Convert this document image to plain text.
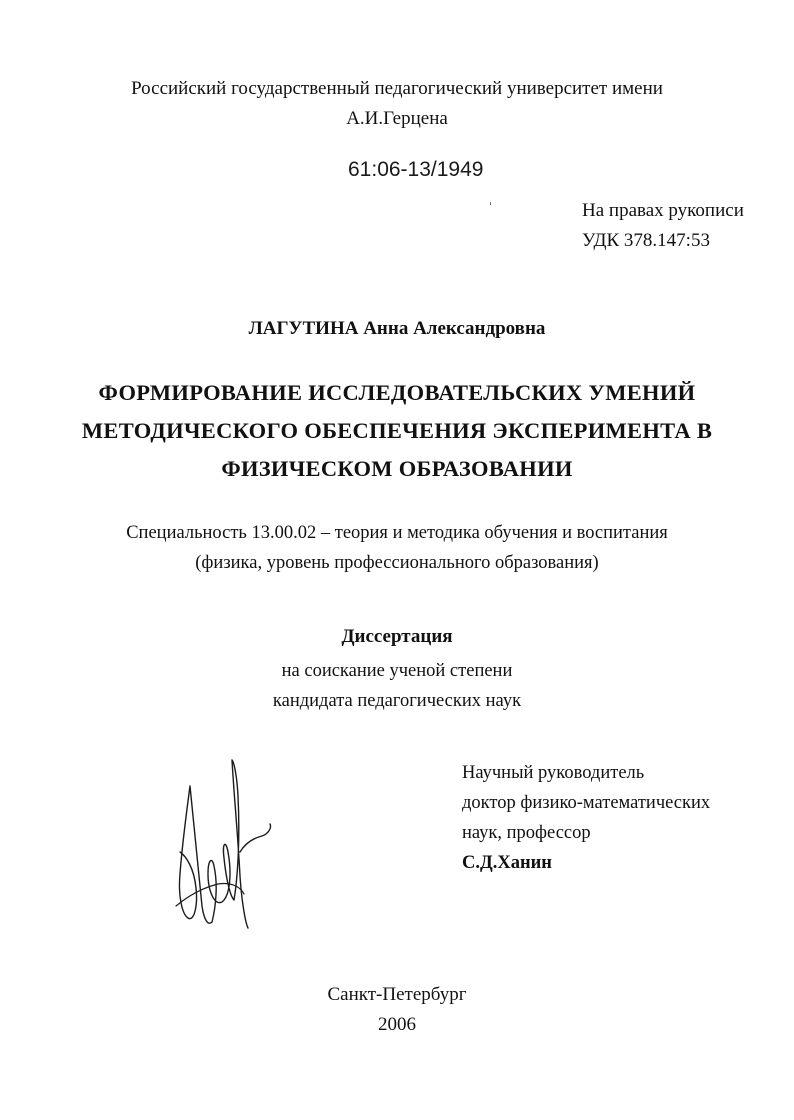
Российский государственный педагогический университет имени
А.И.Герцена
61:06-13/1949
На правах рукописи
УДК 378.147:53
ЛАГУТИНА Анна Александровна
ФОРМИРОВАНИЕ ИССЛЕДОВАТЕЛЬСКИХ УМЕНИЙ
МЕТОДИЧЕСКОГО ОБЕСПЕЧЕНИЯ ЭКСПЕРИМЕНТА В
ФИЗИЧЕСКОМ ОБРАЗОВАНИИ
Специальность 13.00.02 – теория и методика обучения и воспитания
(физика, уровень профессионального образования)
Диссертация
на соискание ученой степени
кандидата педагогических наук
Научный руководитель
доктор физико-математических
наук, профессор
С.Д.Ханин
Санкт-Петербург
2006
